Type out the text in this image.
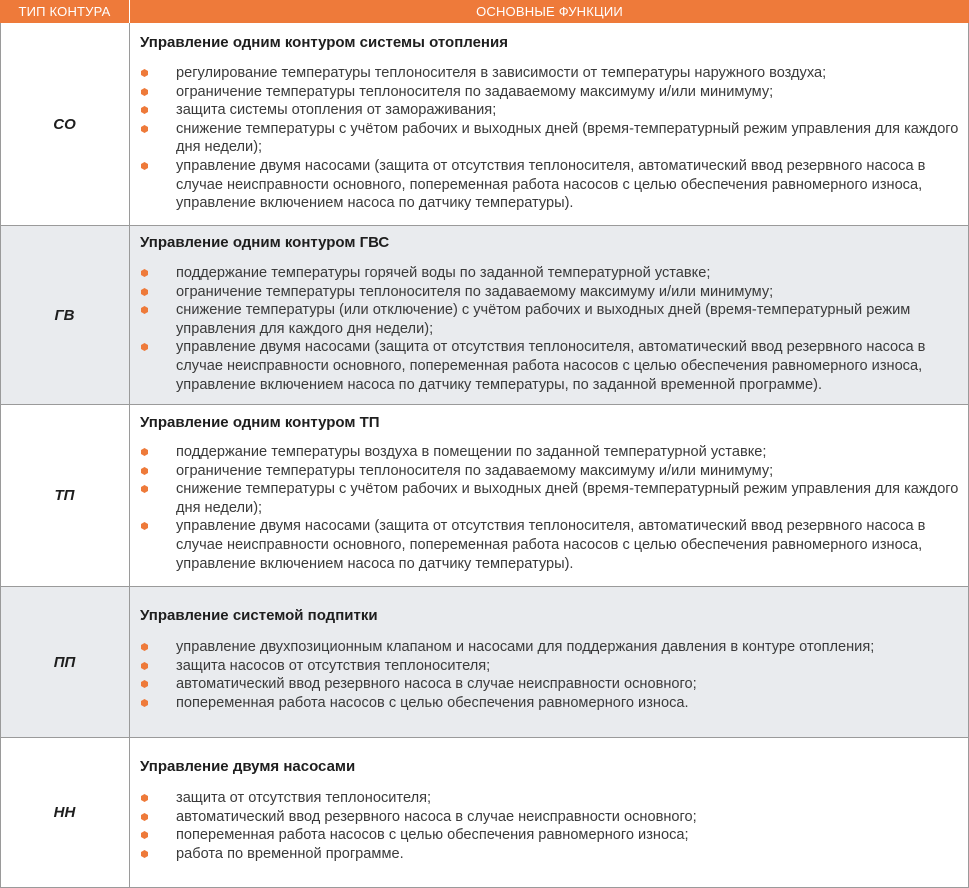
ТИП КОНТУРА	ОСНОВНЫЕ ФУНКЦИИ
СО
Управление одним контуром системы отопления
регулирование температуры теплоносителя в зависимости от температуры наружного воздуха;
ограничение температуры теплоносителя по задаваемому максимуму и/или минимуму;
защита системы отопления от замораживания;
снижение температуры с учётом рабочих и выходных дней (время-температурный режим управления для каждого дня недели);
управление двумя насосами (защита от отсутствия теплоносителя, автоматический ввод резервного насоса в случае неисправности основного, попеременная работа насосов с целью обеспечения равномерного износа, управление включением насоса по датчику температуры).
ГВ
Управление одним контуром ГВС
поддержание температуры горячей воды по заданной температурной уставке;
ограничение температуры теплоносителя по задаваемому максимуму и/или минимуму;
снижение температуры (или отключение) с учётом рабочих и выходных дней (время-температурный режим управления для каждого дня недели);
управление двумя насосами (защита от отсутствия теплоносителя, автоматический ввод резервного насоса в случае неисправности основного, попеременная работа насосов с целью обеспечения равномерного износа, управление включением насоса по датчику температуры, по заданной временной программе).
ТП
Управление одним контуром ТП
поддержание температуры воздуха в помещении по заданной температурной уставке;
ограничение температуры теплоносителя по задаваемому максимуму и/или минимуму;
снижение температуры с учётом рабочих и выходных дней (время-температурный режим управления для каждого дня недели);
управление двумя насосами (защита от отсутствия теплоносителя, автоматический ввод резервного насоса в случае неисправности основного, попеременная работа насосов с целью обеспечения равномерного износа, управление включением насоса по датчику температуры).
ПП
Управление системой подпитки
управление двухпозиционным клапаном и насосами для поддержания давления в контуре отопления;
защита насосов от отсутствия теплоносителя;
автоматический ввод резервного насоса в случае неисправности основного;
попеременная работа насосов с целью обеспечения равномерного износа.
НН
Управление двумя насосами
защита от отсутствия теплоносителя;
автоматический ввод резервного насоса в случае неисправности основного;
попеременная работа насосов с целью обеспечения равномерного износа;
работа по временной программе.
